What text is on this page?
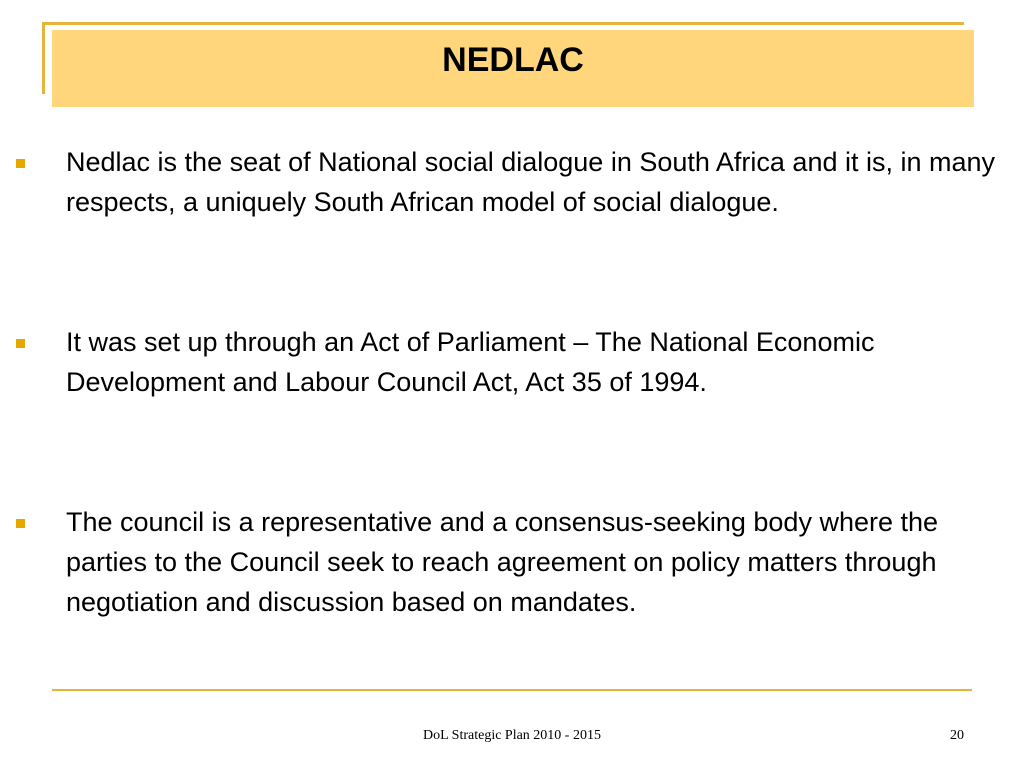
NEDLAC
Nedlac is the seat of National social dialogue in South Africa and it is, in many respects, a uniquely South African model of social dialogue.
It was set up through an Act of Parliament – The National Economic Development and Labour Council Act, Act 35 of 1994.
The council is a representative and a consensus-seeking body where the parties to the Council seek to reach agreement on policy matters through negotiation and discussion based on mandates.
DoL Strategic Plan 2010 - 2015	20
